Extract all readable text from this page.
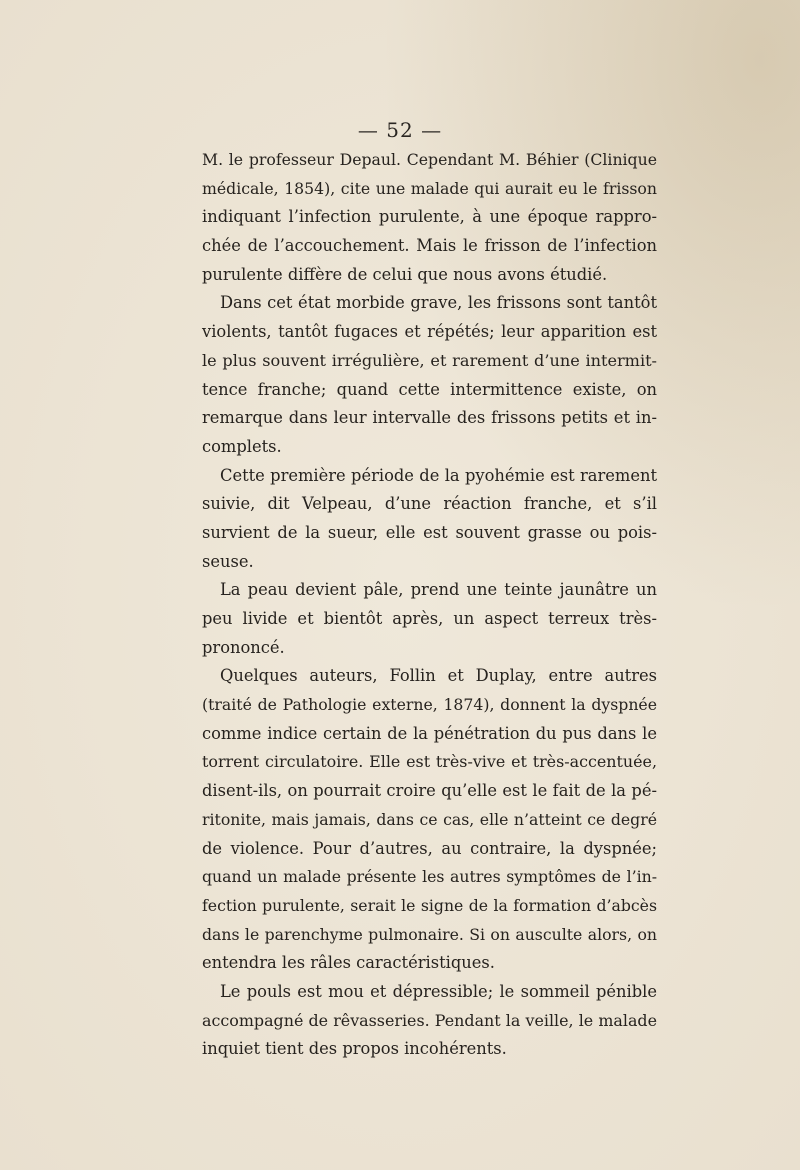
— 52 —
M. le professeur Depaul. Cependant M. Béhier (Clinique
médicale, 1854), cite une malade qui aurait eu le frisson
indiquant l’infection purulente, à une époque rappro-
chée de l’accouchement. Mais le frisson de l’infection
purulente diffère de celui que nous avons étudié.
Dans cet état morbide grave, les frissons sont tantôt
violents, tantôt fugaces et répétés; leur apparition est
le plus souvent irrégulière, et rarement d’une intermit-
tence franche; quand cette intermittence existe, on
remarque dans leur intervalle des frissons petits et in-
complets.
Cette première période de la pyohémie est rarement
suivie, dit Velpeau, d’une réaction franche, et s’il
survient de la sueur, elle est souvent grasse ou pois-
seuse.
La peau devient pâle, prend une teinte jaunâtre un
peu livide et bientôt après, un aspect terreux très-
prononcé.
Quelques auteurs, Follin et Duplay, entre autres
(traité de Pathologie externe, 1874), donnent la dyspnée
comme indice certain de la pénétration du pus dans le
torrent circulatoire. Elle est très-vive et très-accentuée,
disent-ils, on pourrait croire qu’elle est le fait de la pé-
ritonite, mais jamais, dans ce cas, elle n’atteint ce degré
de violence. Pour d’autres, au contraire, la dyspnée;
quand un malade présente les autres symptômes de l’in-
fection purulente, serait le signe de la formation d’abcès
dans le parenchyme pulmonaire. Si on ausculte alors, on
entendra les râles caractéristiques.
Le pouls est mou et dépressible; le sommeil pénible
accompagné de rêvasseries. Pendant la veille, le malade
inquiet tient des propos incohérents.
